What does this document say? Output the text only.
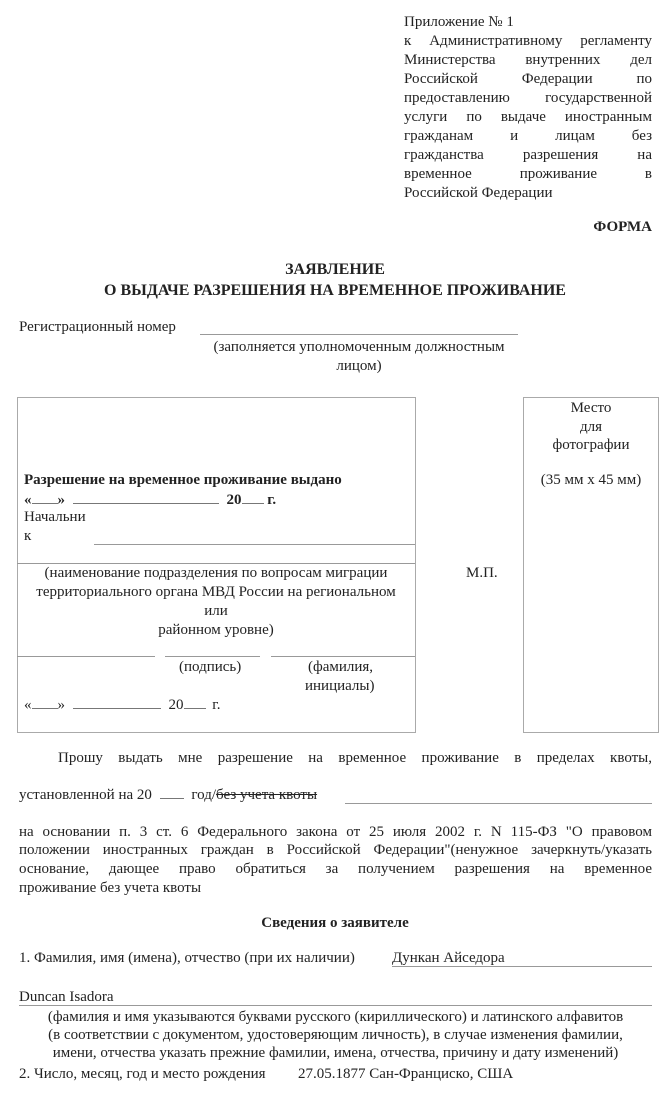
Приложение № 1
к Административному регламенту
Министерства внутренних дел
Российской Федерации по
предоставлению государственной
услуги по выдаче иностранным
гражданам и лицам без
гражданства разрешения на
временное проживание в
Российской Федерации
ФОРМА
ЗАЯВЛЕНИЕ
О ВЫДАЧЕ РАЗРЕШЕНИЯ НА ВРЕМЕННОЕ ПРОЖИВАНИЕ
Регистрационный номер
(заполняется уполномоченным должностным
лицом)
Разрешение на временное проживание выдано
« »	20 г.
Начальни
к
(наименование подразделения по вопросам миграции
территориального органа МВД России на региональном
или
районном уровне)
(подпись)	(фамилия,
инициалы)
« »	20 г.
М.П.
Место
для
фотографии
(35 мм х 45 мм)
Прошу выдать мне разрешение на временное проживание в пределах квоты,
установленной на 20	год/без учета квоты
на основании п. 3 ст. 6 Федерального закона от 25 июля 2002 г. N 115-ФЗ "О правовом
положении иностранных граждан в Российской Федерации"(ненужное зачеркнуть/указать
основание, дающее право обратиться за получением разрешения на временное
проживание без учета квоты
Сведения о заявителе
1. Фамилия, имя (имена), отчество (при их наличии) Дункан Айседора
Duncan Isadora
(фамилия и имя указываются буквами русского (кириллического) и латинского алфавитов
(в соответствии с документом, удостоверяющим личность), в случае изменения фамилии,
имени, отчества указать прежние фамилии, имена, отчества, причину и дату изменений)
2. Число, месяц, год и место рождения 27.05.1877 Сан-Франциско, США
